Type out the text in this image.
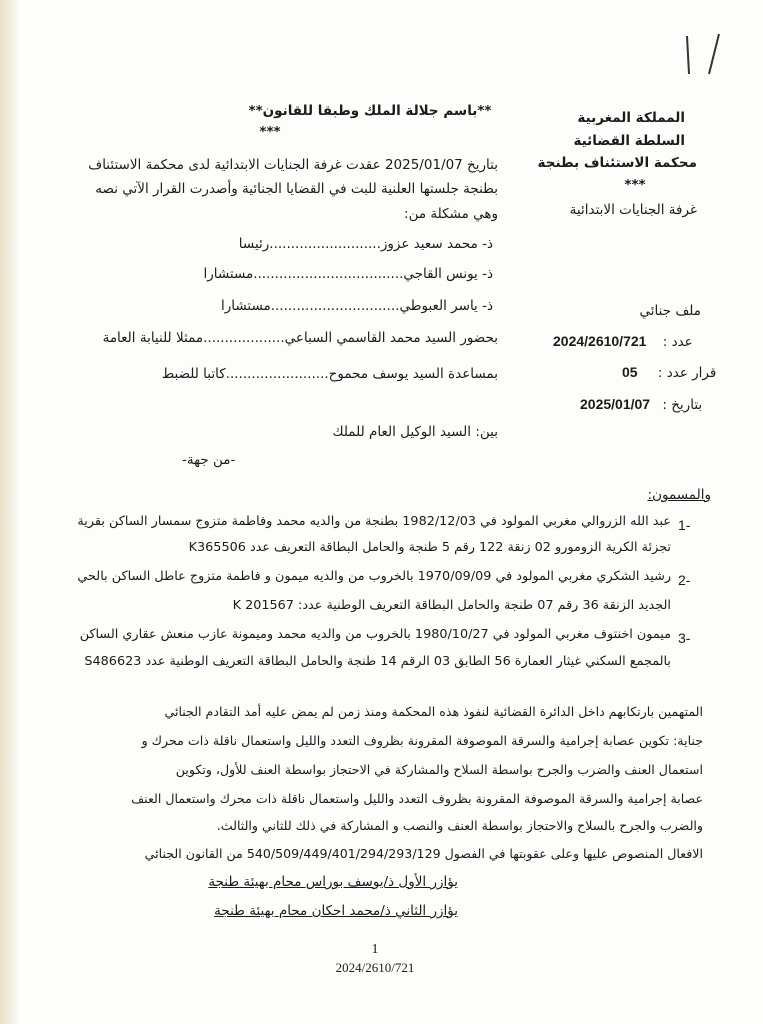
المملكة المغربية
السلطة القضائية
محكمة الاستئناف بطنجة
***
غرفة الجنايات الابتدائية
**باسم جلالة الملك وطبقا للقانون**
***
بتاريخ 2025/01/07 عقدت غرفة الجنايات الابتدائية لدى محكمة الاستئناف
بطنجة جلستها العلنية للبت في القضايا الجنائية وأصدرت القرار الآتي نصه
وهي مشكلة من:
ذ- محمد سعيد عزوز..........................رئيسا
ذ- يونس القاجي...................................مستشارا
ذ- ياسر العبوطي..............................مستشارا
بحضور السيد محمد القاسمي السباعي...................ممثلا للنيابة العامة
بمساعدة السيد يوسف محموح........................كاتبا للضبط
ملف جنائي
2024/2610/721 عدد :
05 قرار عدد :
2025/01/07 بتاريخ :
بين: السيد الوكيل العام للملك
-من جهة-
والمسمون:
1-
عبد الله الزروالي مغربي المولود في 1982/12/03 بطنجة من والديه محمد وفاطمة متزوج سمسار الساكن بقرية
تجزئة الكرية الزومورو 02 زنقة 122 رقم 5 طنجة والحامل البطاقة التعريف عدد K365506
2-
رشيد الشكري مغربي المولود في 1970/09/09 بالخروب من والديه ميمون و فاطمة متزوج عاطل الساكن بالحي
الجديد الزنقة 36 رقم 07 طنجة والحامل البطاقة التعريف الوطنية عدد: K 201567
3-
ميمون اخنتوف مغربي المولود في 1980/10/27 بالخروب من والديه محمد وميمونة عازب منعش عقاري الساكن
بالمجمع السكني غيثار العمارة 56 الطابق 03 الرقم 14 طنجة والحامل البطاقة التعريف الوطنية عدد S486623
المتهمين بارتكابهم داخل الدائرة القضائية لنفوذ هذه المحكمة ومنذ زمن لم يمض عليه أمد التقادم الجنائي
جناية: تكوين عصابة إجرامية والسرقة الموصوفة المقرونة بظروف التعدد والليل واستعمال ناقلة ذات محرك و
استعمال العنف والضرب والجرح بواسطة السلاح والمشاركة في الاحتجاز بواسطة العنف للأول، وتكوين
عصابة إجرامية والسرقة الموصوفة المقرونة بظروف التعدد والليل واستعمال ناقلة ذات محرك واستعمال العنف
والضرب والجرح بالسلاح والاحتجاز بواسطة العنف والنصب و المشاركة في ذلك للثاني والثالث.
الافعال المنصوص عليها وعلى عقوبتها في الفصول 540/509/449/401/294/293/129 من القانون الجنائي
يؤازر الأول ذ/يوسف بوراس محام بهيئة طنجة
يؤازر الثاني ذ/محمد احكان محام بهيئة طنجة
1
2024/2610/721
